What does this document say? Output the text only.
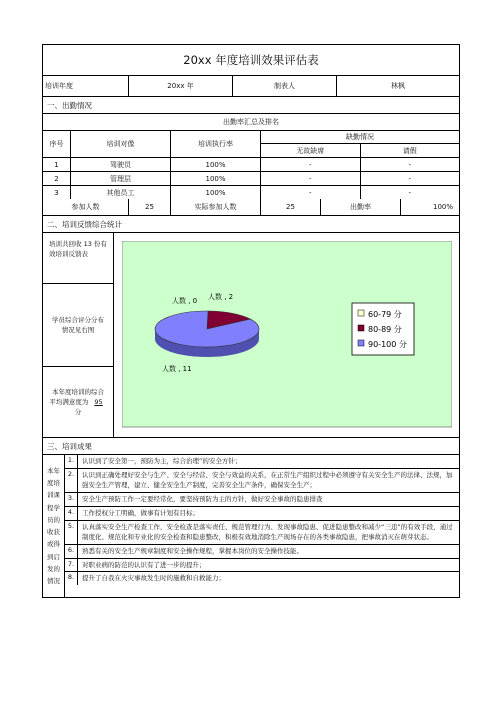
20xx 年度培训效果评估表
培训年度	20xx 年	制表人	林枫
一、出勤情况
出勤率汇总及排名
序号	培训对像	培训执行率
缺勤情况
无故缺席	请假
1	驾驶员	100%	-	-
2	管理层	100%	-	-
3	其他员工	100%	-	-
参加人数	25	实际参加人数	25	出勤率	100%
二、培训反馈综合统计
培训共回收 13 份有效培训反馈表
学员综合评分分布情况见右图
本年度培训的综合平均满意度为 95 分
人数 , 0 人数 , 2
人数 , 11
60-79 分
80-89 分
90-100 分
三、培训成果
本年度培训课程学员的收获或得到启发的情况
1.	认识到了安全第一，预防为主，综合治理”的安全方针；
2.	认识到正确处理好安全与生产、安全与经营、安全与效益的关系，在正常生产组织过程中必须遵守有关安全生产的法律、法规，加强安全生产管理，建立、健全安全生产制度，完善安全生产条件，确保安全生产；
3.	安全生产预防工作一定要经常化，要坚持预防为主的方针，做好安全事故的隐患排查
4.	工作授权分工明确，做事有计划有目标；
5.	认真落实安全生产检查工作，安全检查是落实责任、规范管理行为、发现事故隐患、促进隐患整改和减少“三违”的有效手段，通过制度化、规范化和专业化的安全检查和隐患整改，积极有效地消除生产现场存在的各类事故隐患，把事故消灭在萌芽状态。
6.	熟悉有关的安全生产规章制度和安全操作规程，掌握本岗位的安全操作技能。
7.	对职业病的防范的认识有了进一步的提升；
8.	提升了自我在火灾事故发生时的施救和自救能力；
